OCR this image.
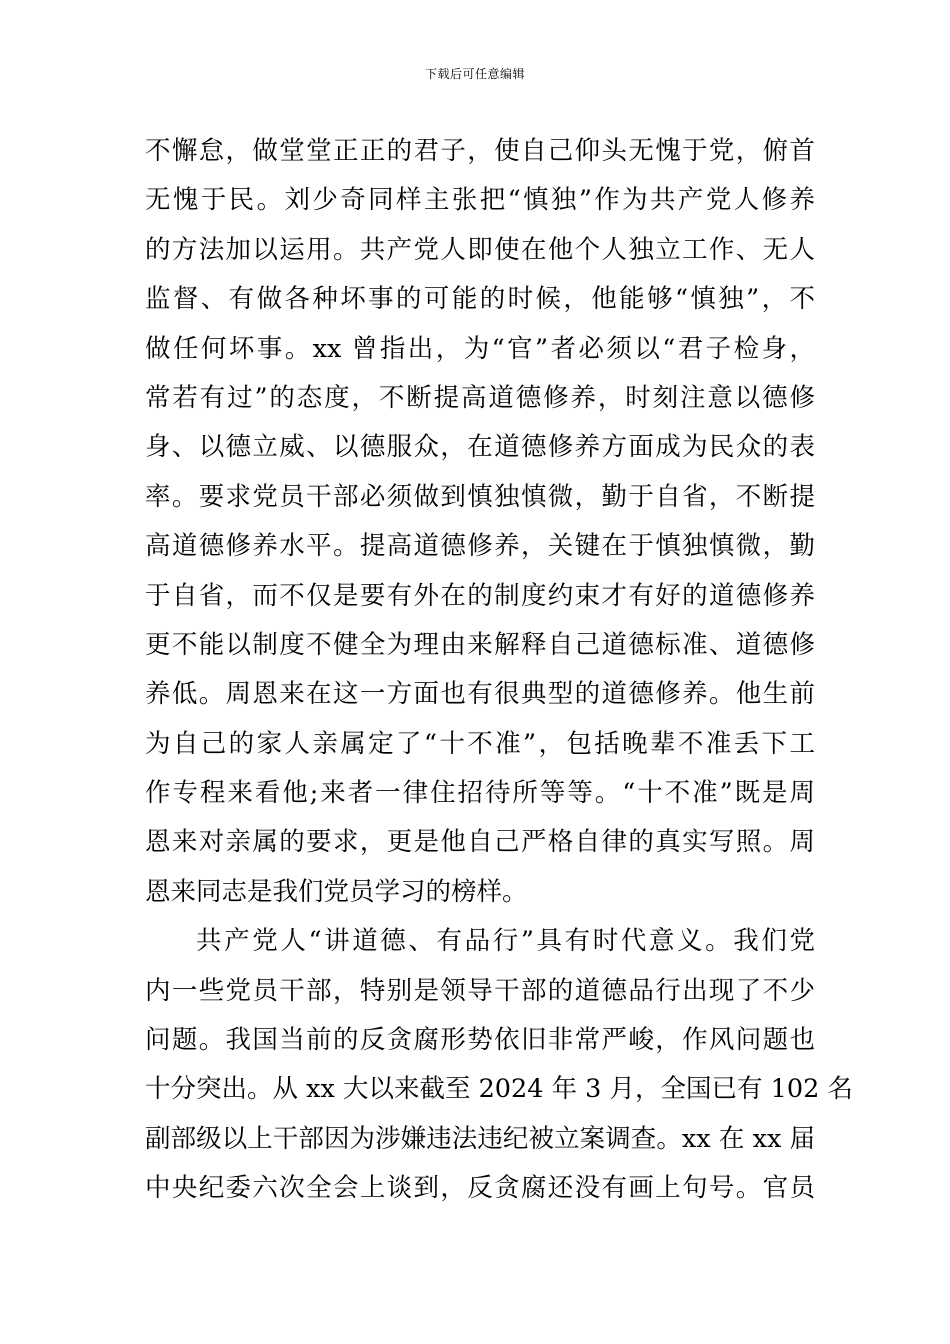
下载后可任意编辑
不懈怠，做堂堂正正的君子，使自己仰头无愧于党，俯首
无愧于民。刘少奇同样主张把“慎独”作为共产党人修养
的方法加以运用。共产党人即使在他个人独立工作、无人
监督、有做各种坏事的可能的时候，他能够“慎独”，不
做任何坏事。xx 曾指出，为“官”者必须以“君子检身，
常若有过”的态度，不断提高道德修养，时刻注意以德修
身、以德立威、以德服众，在道德修养方面成为民众的表
率。要求党员干部必须做到慎独慎微，勤于自省，不断提
高道德修养水平。提高道德修养，关键在于慎独慎微，勤
于自省，而不仅是要有外在的制度约束才有好的道德修养
更不能以制度不健全为理由来解释自己道德标准、道德修
养低。周恩来在这一方面也有很典型的道德修养。他生前
为自己的家人亲属定了“十不准”，包括晚辈不准丢下工
作专程来看他;来者一律住招待所等等。“十不准”既是周
恩来对亲属的要求，更是他自己严格自律的真实写照。周
恩来同志是我们党员学习的榜样。
共产党人“讲道德、有品行”具有时代意义。我们党
内一些党员干部，特别是领导干部的道德品行出现了不少
问题。我国当前的反贪腐形势依旧非常严峻，作风问题也
十分突出。从 xx 大以来截至 2024 年 3 月，全国已有 102 名
副部级以上干部因为涉嫌违法违纪被立案调查。xx 在 xx 届
中央纪委六次全会上谈到，反贪腐还没有画上句号。官员
